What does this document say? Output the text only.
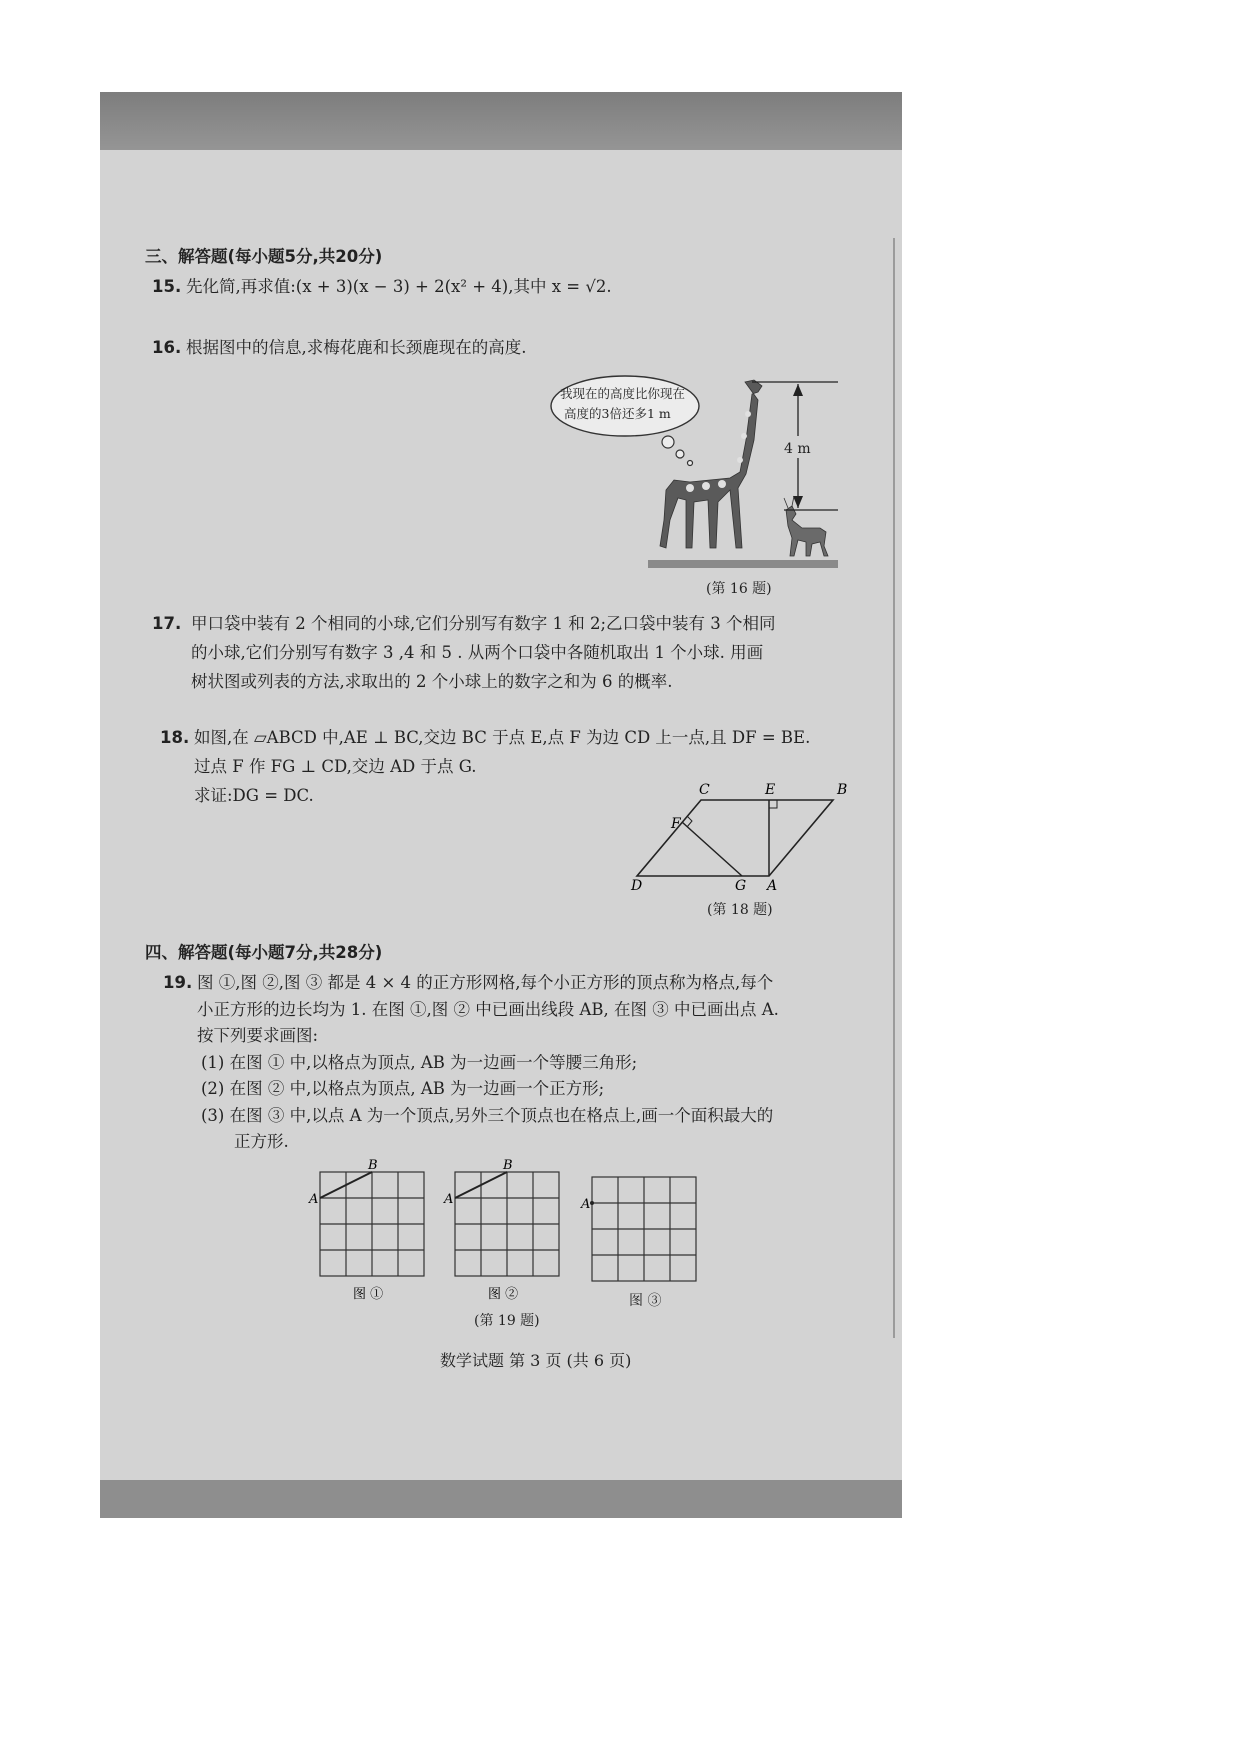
三、解答题(每小题5分,共20分)
15. 先化简,再求值:(x + 3)(x − 3) + 2(x² + 4),其中 x = √2.
16. 根据图中的信息,求梅花鹿和长颈鹿现在的高度.
我现在的高度比你现在
高度的3倍还多1 m
4 m
(第 16 题)
17. 甲口袋中装有 2 个相同的小球,它们分别写有数字 1 和 2;乙口袋中装有 3 个相同
的小球,它们分别写有数字 3 ,4 和 5 . 从两个口袋中各随机取出 1 个小球. 用画
树状图或列表的方法,求取出的 2 个小球上的数字之和为 6 的概率.
18. 如图,在 ▱ABCD 中,AE ⊥ BC,交边 BC 于点 E,点 F 为边 CD 上一点,且 DF = BE.
过点 F 作 FG ⊥ CD,交边 AD 于点 G.
求证:DG = DC.	C	E	B
F
D	G A
(第 18 题)
四、解答题(每小题7分,共28分)
19. 图 ①,图 ②,图 ③ 都是 4 × 4 的正方形网格,每个小正方形的顶点称为格点,每个
小正方形的边长均为 1. 在图 ①,图 ② 中已画出线段 AB, 在图 ③ 中已画出点 A.
按下列要求画图:
(1) 在图 ① 中,以格点为顶点, AB 为一边画一个等腰三角形;
(2) 在图 ② 中,以格点为顶点, AB 为一边画一个正方形;
(3) 在图 ③ 中,以点 A 为一个顶点,另外三个顶点也在格点上,画一个面积最大的
正方形.
A
B
A
B
A
图 ①	图 ②	图 ③
(第 19 题)
数学试题 第 3 页 (共 6 页)
